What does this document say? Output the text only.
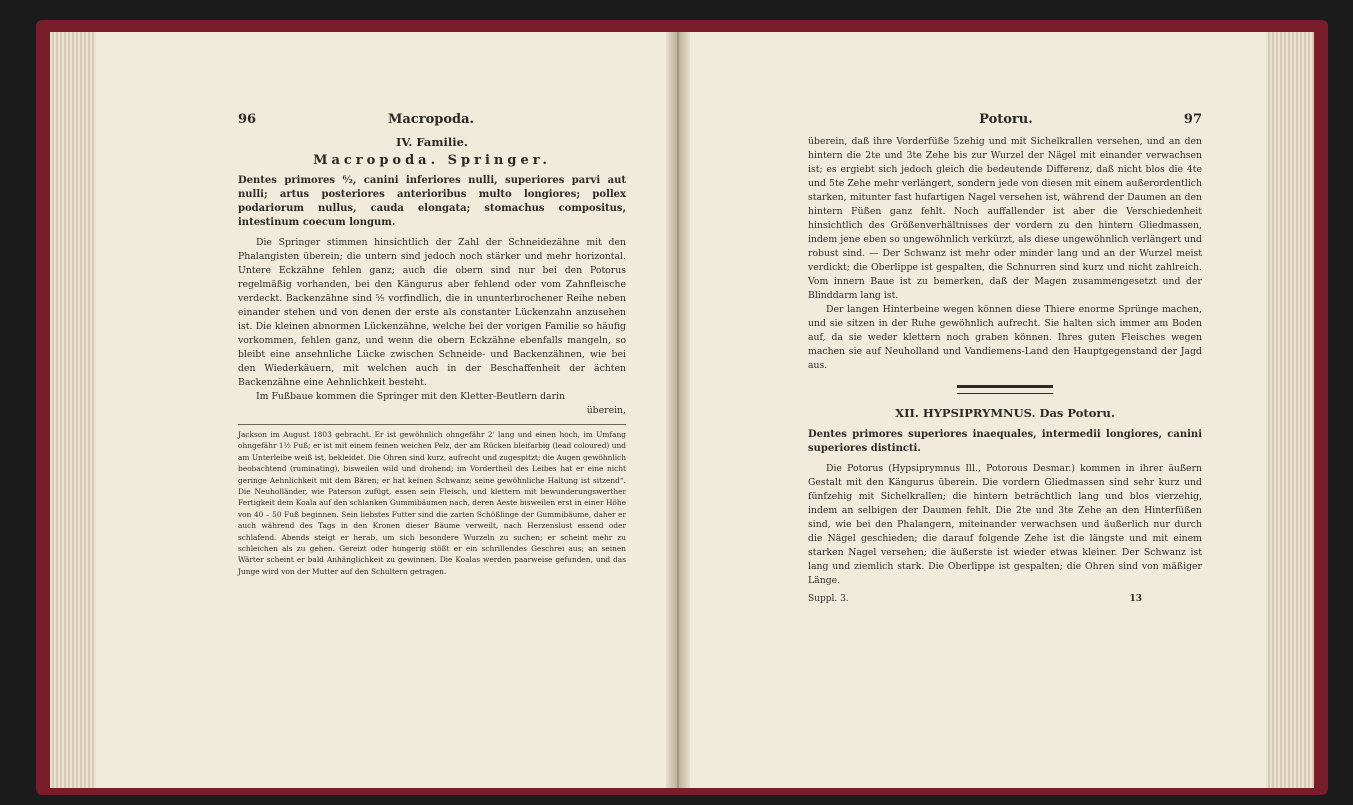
96	Macropoda.
IV. Familie.
Macropoda. Springer.
Dentes primores ⁶⁄₂, canini inferiores nulli, superiores parvi aut nulli; artus posteriores anterioribus multo longiores; pollex podariorum nullus, cauda elongata; stomachus compositus, intestinum coecum longum.

Die Springer stimmen hinsichtlich der Zahl der Schneidezähne mit den Phalangisten überein; die untern sind jedoch noch stärker und mehr horizontal. Untere Eckzähne fehlen ganz; auch die obern sind nur bei den Potorus regelmäßig vorhanden, bei den Kängurus aber fehlend oder vom Zahnfleische verdeckt. Backenzähne sind ⁵⁄₅ vorfindlich, die in ununterbrochener Reihe neben einander stehen und von denen der erste als constanter Lückenzahn anzusehen ist. Die kleinen abnormen Lückenzähne, welche bei der vorigen Familie so häufig vorkommen, fehlen ganz, und wenn die obern Eckzähne ebenfalls mangeln, so bleibt eine ansehnliche Lücke zwischen Schneide- und Backenzähnen, wie bei den Wiederkäuern, mit welchen auch in der Beschaffenheit der ächten Backenzähne eine Aehnlichkeit besteht.

Im Fußbaue kommen die Springer mit den Kletter-Beutlern darin

überein,
Jackson im August 1803 gebracht. Er ist gewöhnlich ohngefähr 2' lang und einen hoch, im Umfang ohngefähr 1½ Fuß; er ist mit einem feinen weichen Pelz, der am Rücken bleifarbig (lead coloured) und am Unterleibe weiß ist, bekleidet. Die Ohren sind kurz, aufrecht und zugespitzt; die Augen gewöhnlich beobachtend (ruminating), bisweilen wild und drohend; im Vordertheil des Leibes hat er eine nicht geringe Aehnlichkeit mit dem Bären; er hat keinen Schwanz; seine gewöhnliche Haltung ist sitzend“. Die Neuholländer, wie Paterson zufügt, essen sein Fleisch, und klettern mit bewunderungswerther Fertigkeit dem Koala auf den schlanken Gummibäumen nach, deren Aeste bisweilen erst in einer Höhe von 40 – 50 Fuß beginnen. Sein liebstes Futter sind die zarten Schößlinge der Gummibäume, daher er auch während des Tags in den Kronen dieser Bäume verweilt, nach Herzenslust essend oder schlafend. Abends steigt er herab, um sich besondere Wurzeln zu suchen; er scheint mehr zu schleichen als zu gehen. Gereizt oder hungerig stößt er ein schrillendes Geschrei aus; an seinen Wärter scheint er bald Anhänglichkeit zu gewinnen. Die Koalas werden paarweise gefunden, und das Junge wird von der Mutter auf den Schultern getragen.
Potoru.	97

überein, daß ihre Vorderfüße 5zehig und mit Sichelkrallen versehen, und an den hintern die 2te und 3te Zehe bis zur Wurzel der Nägel mit einander verwachsen ist; es ergiebt sich jedoch gleich die bedeutende Differenz, daß nicht blos die 4te und 5te Zehe mehr verlängert, sondern jede von diesen mit einem außerordentlich starken, mitunter fast hufartigen Nagel versehen ist, während der Daumen an den hintern Füßen ganz fehlt. Noch auffallender ist aber die Verschiedenheit hinsichtlich des Größenverhältnisses der vordern zu den hintern Gliedmassen, indem jene eben so ungewöhnlich verkürzt, als diese ungewöhnlich verlängert und robust sind. — Der Schwanz ist mehr oder minder lang und an der Wurzel meist verdickt; die Oberlippe ist gespalten, die Schnurren sind kurz und nicht zahlreich. Vom innern Baue ist zu bemerken, daß der Magen zusammengesetzt und der Blinddarm lang ist.

Der langen Hinterbeine wegen können diese Thiere enorme Sprünge machen, und sie sitzen in der Ruhe gewöhnlich aufrecht. Sie halten sich immer am Boden auf, da sie weder klettern noch graben können. Ihres guten Fleisches wegen machen sie auf Neuholland und Vandiemens-Land den Hauptgegenstand der Jagd aus.

XII. HYPSIPRYMNUS. Das Potoru.
Dentes primores superiores inaequales, intermedii longiores, canini superiores distincti.

Die Potorus (Hypsiprymnus Ill., Potorous Desmar.) kommen in ihrer äußern Gestalt mit den Kängurus überein. Die vordern Gliedmassen sind sehr kurz und fünfzehig mit Sichelkrallen; die hintern beträchtlich lang und blos vierzehig, indem an selbigen der Daumen fehlt. Die 2te und 3te Zehe an den Hinterfüßen sind, wie bei den Phalangern, miteinander verwachsen und äußerlich nur durch die Nägel geschieden; die darauf folgende Zehe ist die längste und mit einem starken Nagel versehen; die äußerste ist wieder etwas kleiner. Der Schwanz ist lang und ziemlich stark. Die Oberlippe ist gespalten; die Ohren sind von mäßiger Länge.

Suppl. 3.	13
